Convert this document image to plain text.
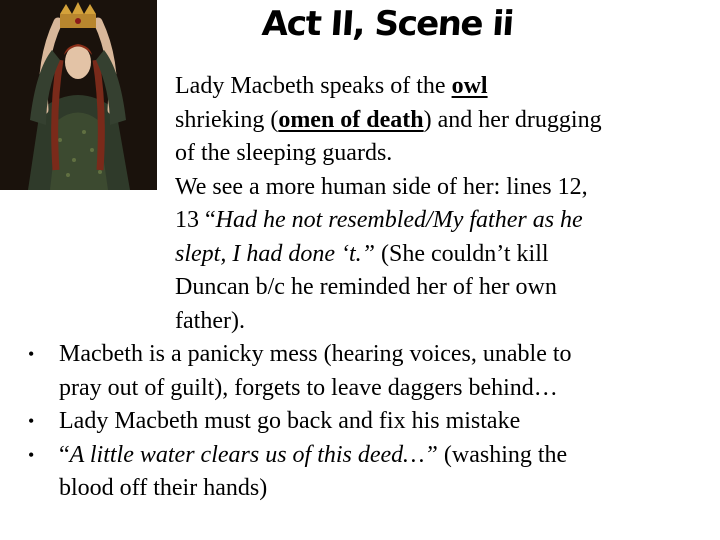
Act II, Scene ii
Lady Macbeth speaks of the owl
shrieking (omen of death) and her drugging
of the sleeping guards.
We see a more human side of her: lines 12,
13 “Had he not resembled/My father as he
slept, I had done ‘t.” (She couldn’t kill
Duncan b/c he reminded her of her own
father).
• Macbeth is a panicky mess (hearing voices, unable to
pray out of guilt), forgets to leave daggers behind…
• Lady Macbeth must go back and fix his mistake
• “A little water clears us of this deed…” (washing the
blood off their hands)
